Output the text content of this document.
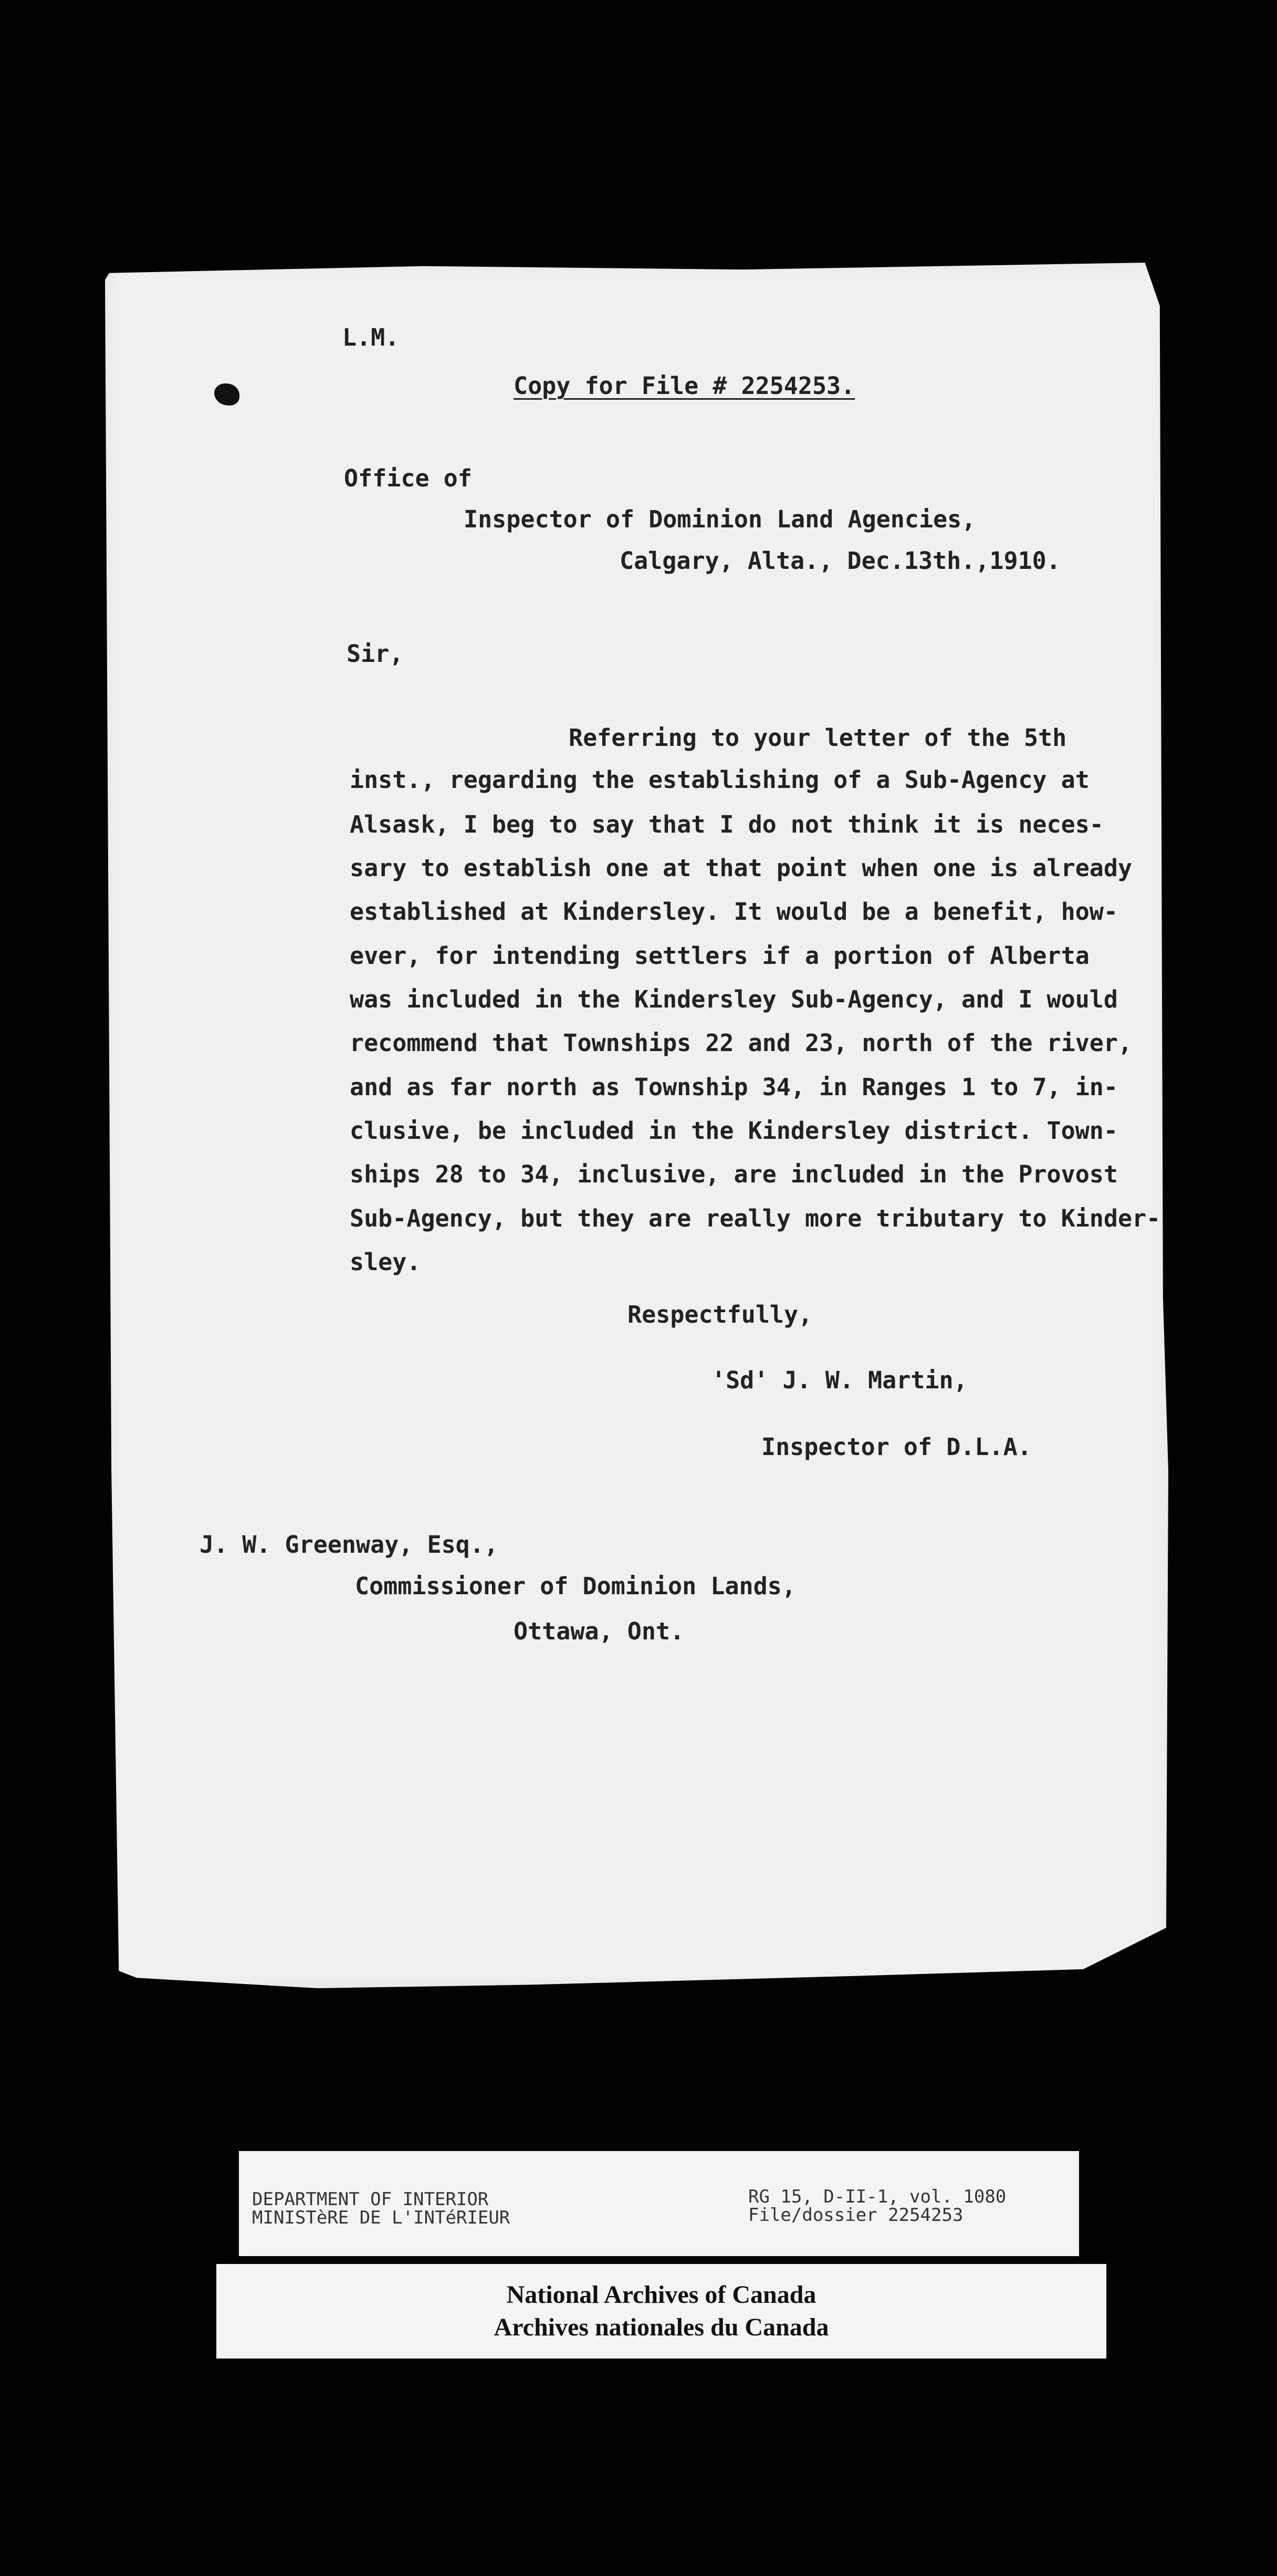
L.M.
Copy for File # 2254253.
Office of
Inspector of Dominion Land Agencies,
Calgary, Alta., Dec.13th.,1910.
Sir,
Referring to your letter of the 5th
inst., regarding the establishing of a Sub-Agency at
Alsask, I beg to say that I do not think it is neces-
sary to establish one at that point when one is already
established at Kindersley. It would be a benefit, how-
ever, for intending settlers if a portion of Alberta
was included in the Kindersley Sub-Agency, and I would
recommend that Townships 22 and 23, north of the river,
and as far north as Township 34, in Ranges 1 to 7, in-
clusive, be included in the Kindersley district. Town-
ships 28 to 34, inclusive, are included in the Provost
Sub-Agency, but they are really more tributary to Kinder-
sley.
Respectfully,
'Sd' J. W. Martin,
Inspector of D.L.A.
J. W. Greenway, Esq.,
Commissioner of Dominion Lands,
Ottawa, Ont.
DEPARTMENT OF INTERIOR
MINISTèRE DE L'INTéRIEUR
RG 15, D-II-1, vol. 1080
File/dossier 2254253
National Archives of Canada
Archives nationales du Canada
